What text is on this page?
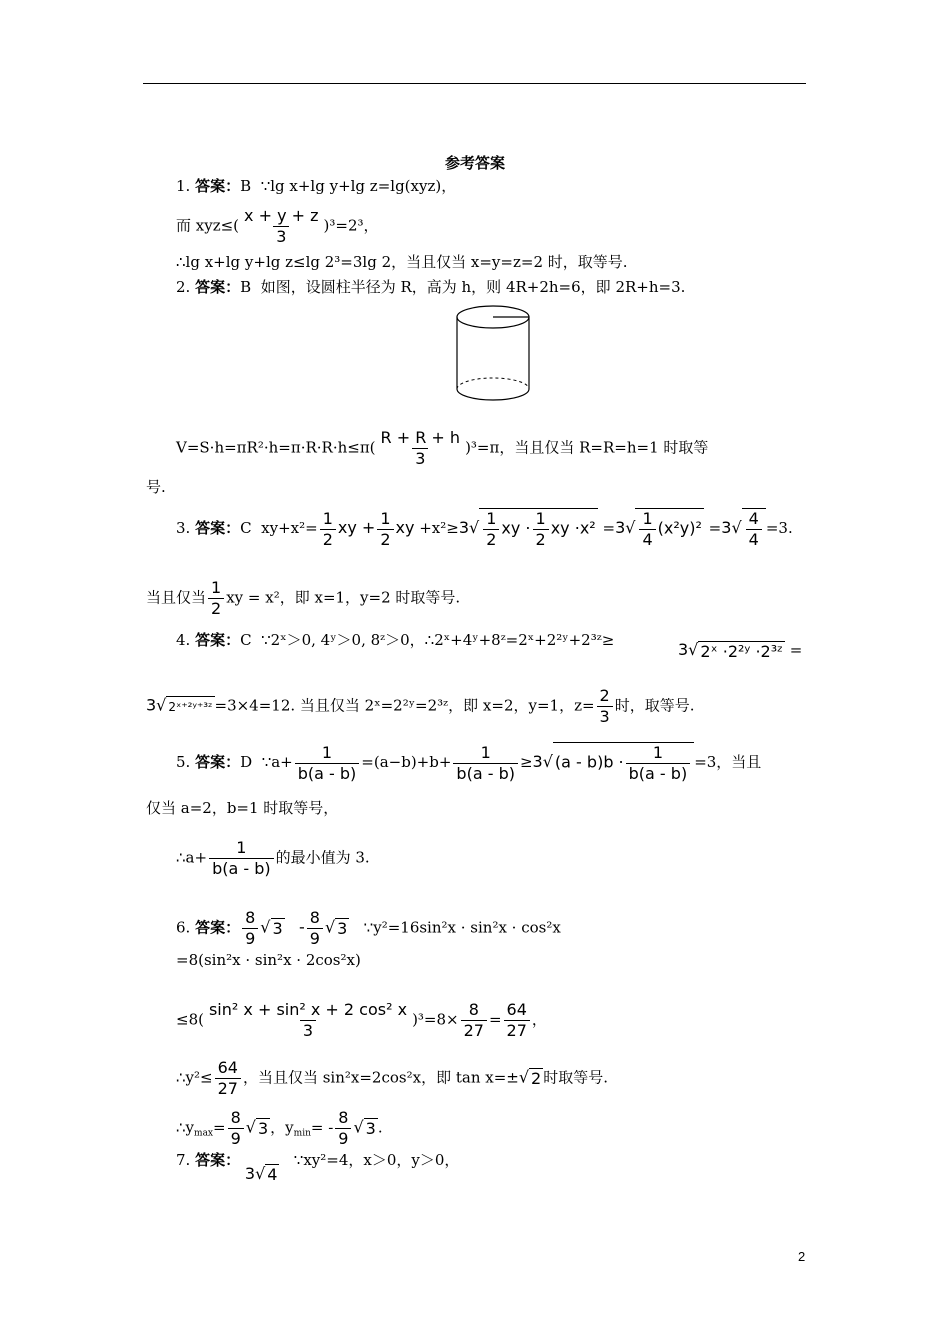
参考答案
1. 答案：B ∵lg x+lg y+lg z=lg(xyz)，
而 $xyz\le( \frac{x + y + z}{3} )^3=2^3$，
∴lg x+lg y+lg z≤lg 2³=3lg 2，当且仅当 x=y=z=2 时，取等号.
2. 答案：B 如图，设圆柱半径为 R，高为 h，则 4R+2h=6，即 2R+h=3.
$V=S\cdot h=\pi R^2\cdot h=\pi\cdot R\cdot R\cdot h\le\pi( \frac{R + R + h}{3} )^3=\pi$，当且仅当 R=R=h=1 时取等
号.
3. 答案：C $xy+x^2= \frac{1}{2}$ xy + $\frac{1}{2}$ xy $+x^2\ge 3√ \frac{1}{2}$ xy · $\frac{1}{2}$ xy $\cdot x^2 =3√ \frac{1}{4} (x^2y)^2 =3√ \frac{4}{4} =3$.
当且仅当 $\frac{1}{2}$ xy = x²，即 x=1，y=2 时取等号.
4. 答案：C ∵2ˣ＞0, 4ʸ＞0, 8ᶻ＞0，∴2ˣ+4ʸ+8ᶻ=2ˣ+2²ʸ+2³ᶻ≥	3√ 2ˣ ·2²ʸ ·2³ᶻ =
3√ 2ˣ⁺²ʸ⁺³ᶻ =3×4=12. 当且仅当 2ˣ=2²ʸ=2³ᶻ，即 x=2，y=1，$z= \frac{2}{3}$ 时，取等号.
5. 答案：D ∵a+ $\frac{1}{b(a - b)} =(a-b)+b+ \frac{1}{b(a - b)} \ge 3√$ $(a - b)b \cdot \frac{1}{b(a - b)} =3$，当且
仅当 a=2，b=1 时取等号，
∴a+ $\frac{1}{b(a - b)}$ 的最小值为 3.
6. 答案： $\frac{8}{9}$ √ $3 - \frac{8}{9}$ √ 3 ∵y²=16sin²x · sin²x · cos²x
=8(sin²x · sin²x · 2cos²x)
$\le 8( \frac{\text{sin² x + sin² x + 2 cos² x}}{3} )^3=8\times \frac{8}{27} = \frac{64}{27}$ ，
∴y²≤ $\frac{64}{27}$ ，当且仅当 sin²x=2cos²x，即 tan x=±√ 2 时取等号.
$\therefore y_{max}= \frac{8}{9}$ √ 3 ，$y_{min}= - \frac{8}{9}$ √ 3 .
7. 答案： 3√ 4   ∵xy²=4，x＞0，y＞0，
2
